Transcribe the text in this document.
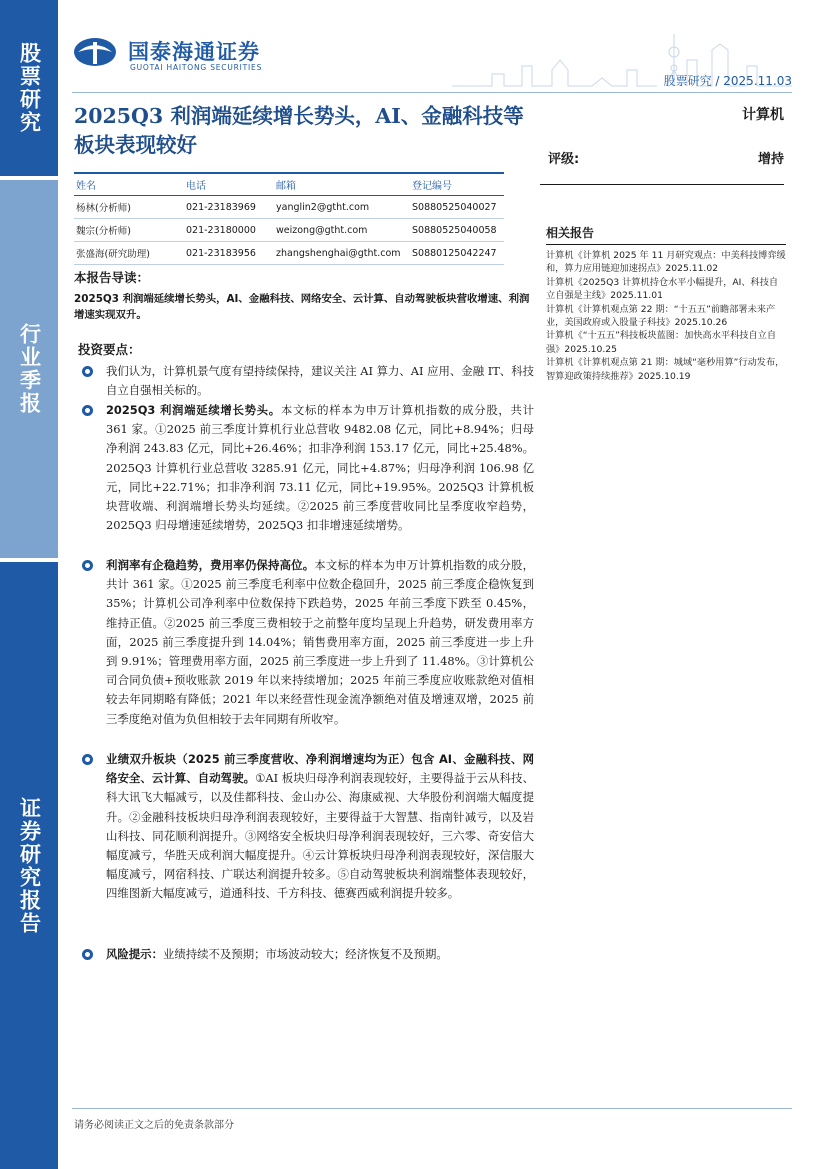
股票研究
行业季报
证券研究报告
国泰海通证券
GUOTAI HAITONG SECURITIES
股票研究 / 2025.11.03
2025Q3 利润端延续增长势头，AI、金融科技等板块表现较好
计算机
评级:	增持
姓名	电话	邮箱	登记编号
杨林(分析师)	021-23183969	yanglin2@gtht.com	S0880525040027
魏宗(分析师)	021-23180000	weizong@gtht.com	S0880525040058
张盛海(研究助理)	021-23183956	zhangshenghai@gtht.com	S0880125042247
相关报告
计算机《计算机 2025 年 11 月研究观点：中美科技博弈缓和，算力应用链迎加速拐点》2025.11.02
计算机《2025Q3 计算机持仓水平小幅提升，AI、科技自立自强是主线》2025.11.01
计算机《计算机观点第 22 期：“十五五”前瞻部署未来产业，美国政府或入股量子科技》2025.10.26
计算机《“十五五”科技板块蓝图：加快高水平科技自立自强》2025.10.25
计算机《计算机观点第 21 期：城域“毫秒用算”行动发布，智算迎政策持续推荐》2025.10.19
本报告导读：
2025Q3 利润端延续增长势头，AI、金融科技、网络安全、云计算、自动驾驶板块营收增速、利润增速实现双升。
投资要点：
我们认为，计算机景气度有望持续保持，建议关注 AI 算力、AI 应用、金融 IT、科技自立自强相关标的。
2025Q3 利润端延续增长势头。本文标的样本为申万计算机指数的成分股，共计 361 家。①2025 前三季度计算机行业总营收 9482.08 亿元，同比+8.94%；归母净利润 243.83 亿元，同比+26.46%；扣非净利润 153.17 亿元，同比+25.48%。2025Q3 计算机行业总营收 3285.91 亿元，同比+4.87%；归母净利润 106.98 亿元，同比+22.71%；扣非净利润 73.11 亿元，同比+19.95%。2025Q3 计算机板块营收端、利润端增长势头均延续。②2025 前三季度营收同比呈季度收窄趋势，2025Q3 归母增速延续增势，2025Q3 扣非增速延续增势。
利润率有企稳趋势，费用率仍保持高位。本文标的样本为申万计算机指数的成分股，共计 361 家。①2025 前三季度毛利率中位数企稳回升，2025 前三季度企稳恢复到 35%；计算机公司净利率中位数保持下跌趋势，2025 年前三季度下跌至 0.45%，维持正值。②2025 前三季度三费相较于之前整年度均呈现上升趋势，研发费用率方面，2025 前三季度提升到 14.04%；销售费用率方面，2025 前三季度进一步上升到 9.91%；管理费用率方面，2025 前三季度进一步上升到了 11.48%。③计算机公司合同负债+预收账款 2019 年以来持续增加；2025 年前三季度应收账款绝对值相较去年同期略有降低；2021 年以来经营性现金流净额绝对值及增速双增，2025 前三季度绝对值为负但相较于去年同期有所收窄。
业绩双升板块（2025 前三季度营收、净利润增速均为正）包含 AI、金融科技、网络安全、云计算、自动驾驶。①AI 板块归母净利润表现较好，主要得益于云从科技、科大讯飞大幅减亏，以及佳都科技、金山办公、海康威视、大华股份利润端大幅度提升。②金融科技板块归母净利润表现较好，主要得益于大智慧、指南针减亏，以及岩山科技、同花顺利润提升。③网络安全板块归母净利润表现较好，三六零、奇安信大幅度减亏，华胜天成利润大幅度提升。④云计算板块归母净利润表现较好，深信服大幅度减亏，网宿科技、广联达利润提升较多。⑤自动驾驶板块利润端整体表现较好，四维图新大幅度减亏，道通科技、千方科技、德赛西威利润提升较多。
风险提示：业绩持续不及预期；市场波动较大；经济恢复不及预期。
请务必阅读正文之后的免责条款部分
